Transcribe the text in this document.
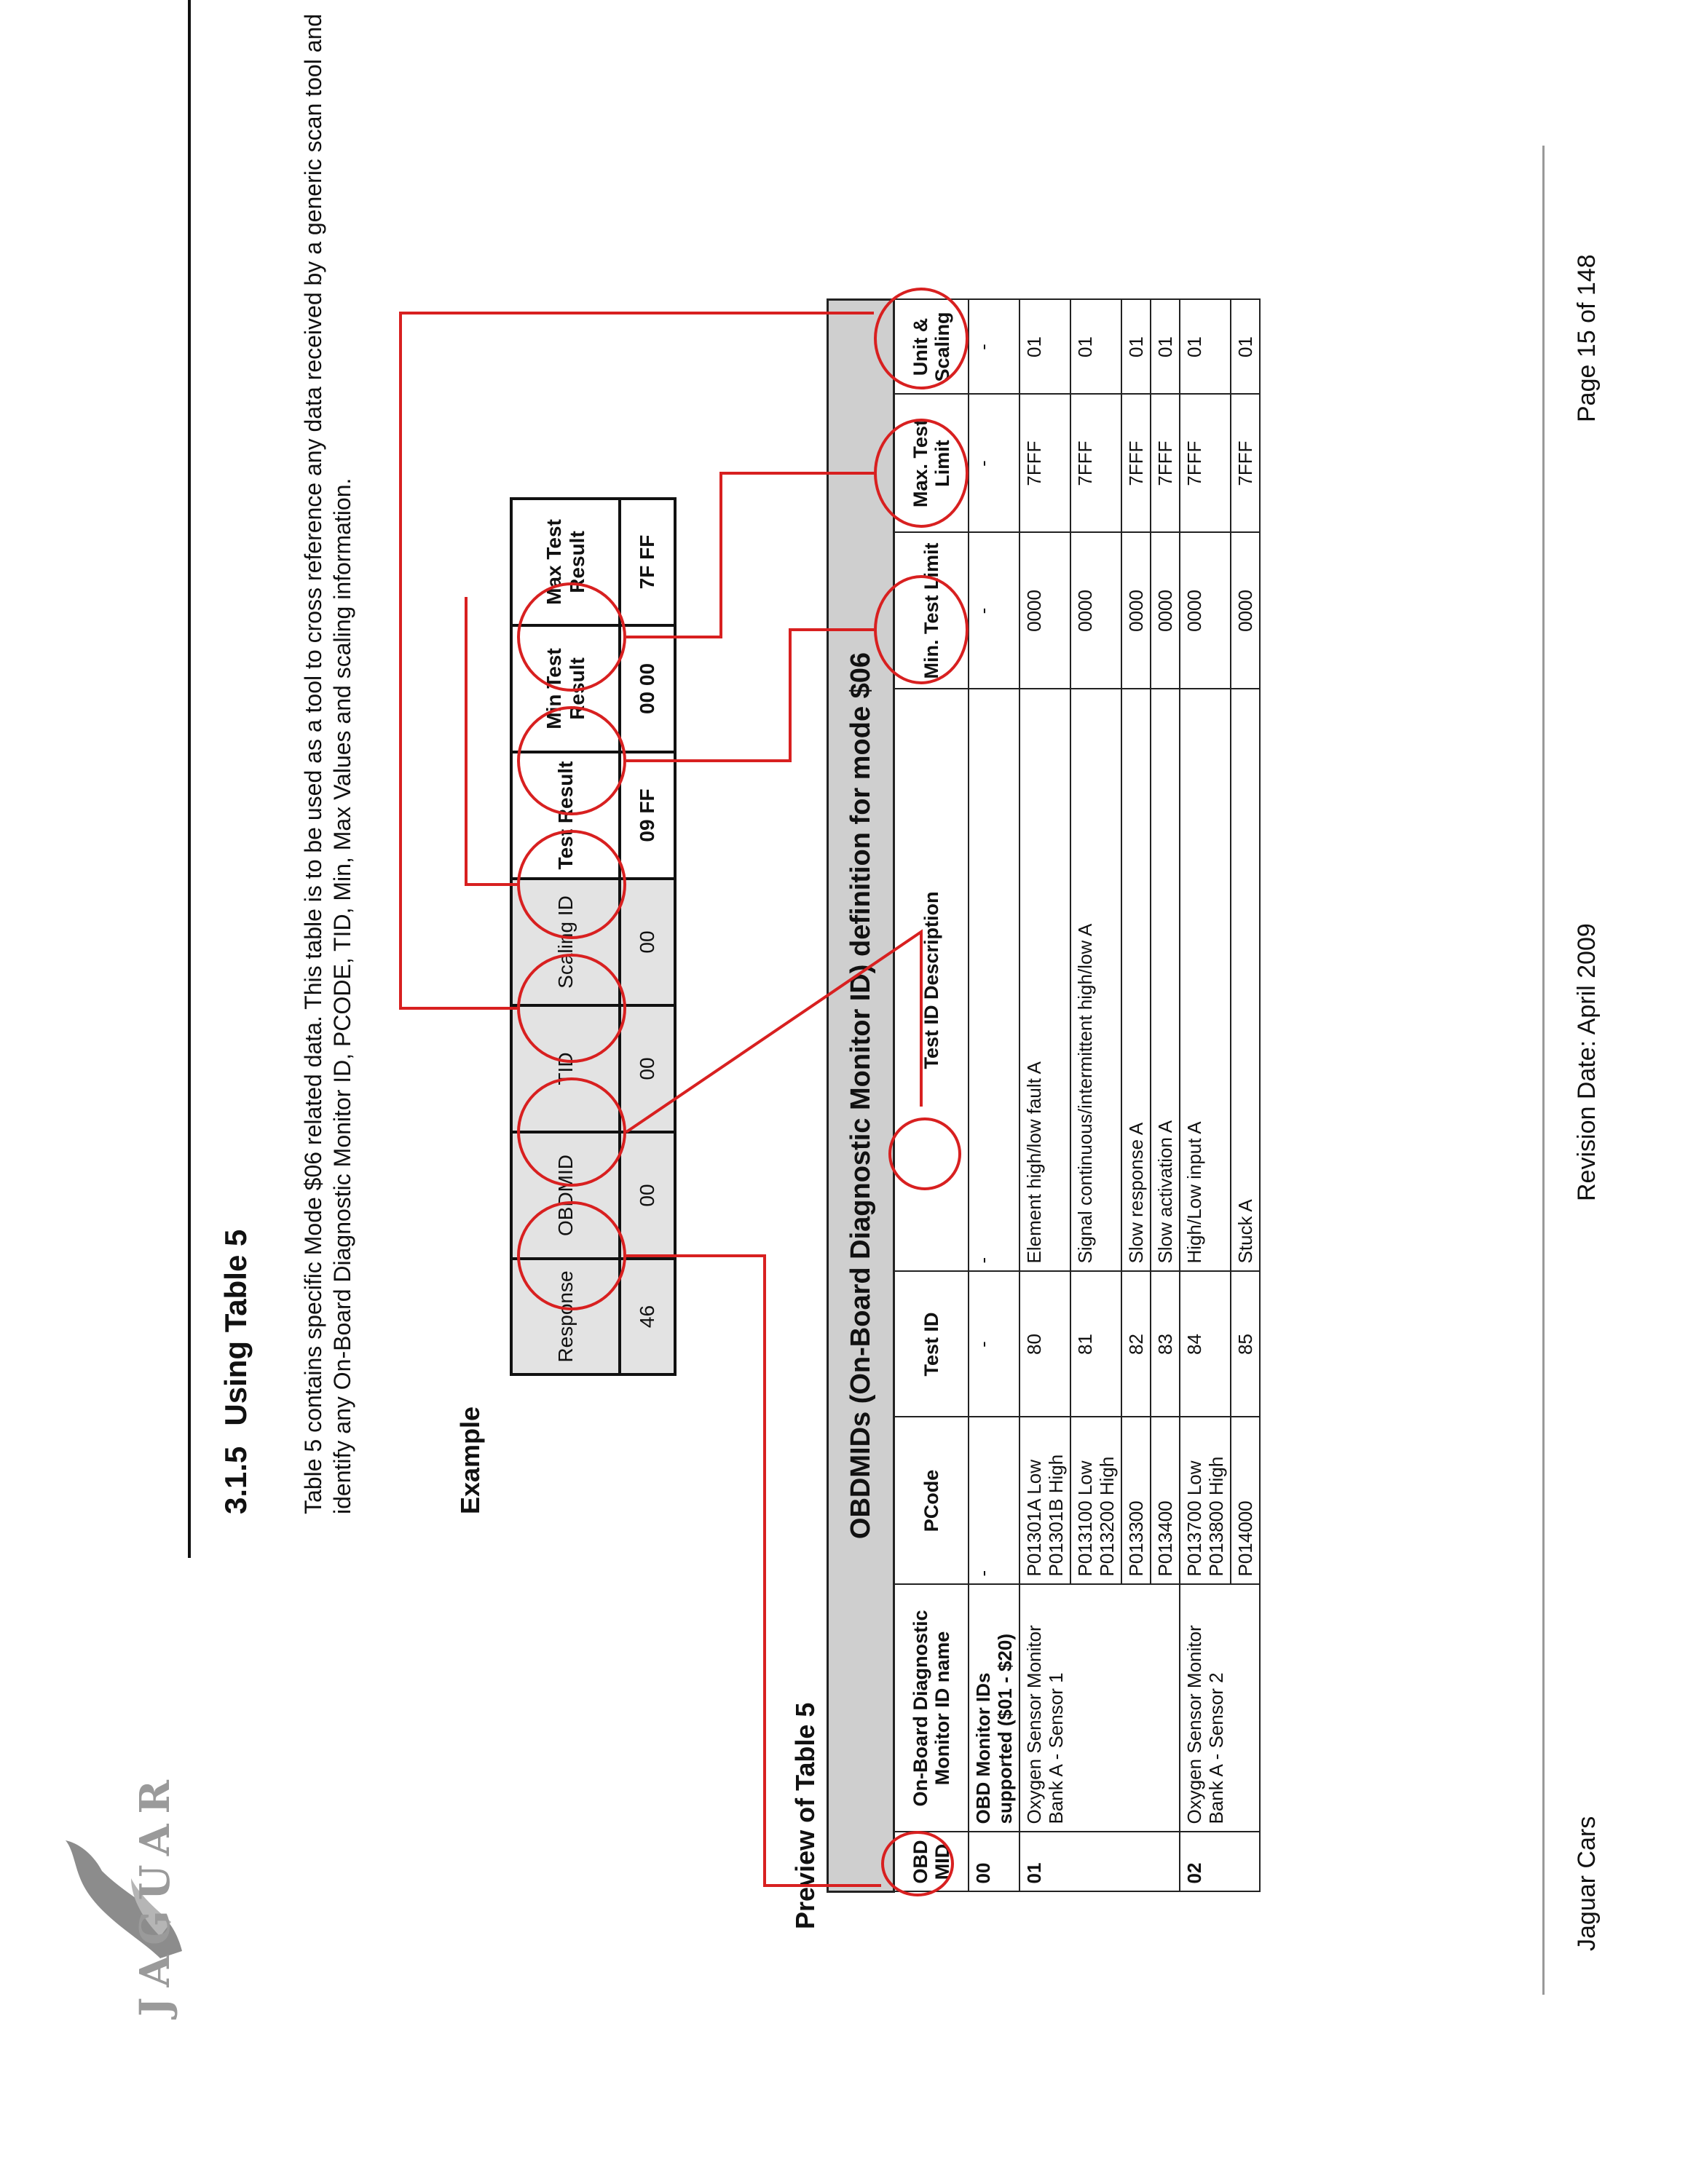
JAGUAR
3.1.5Using Table 5 Table 5 contains specific Mode $06 related data. This table is to be used as a tool to cross reference any data received by a generic scan tool and identify any On-Board Diagnostic Monitor ID, PCODE, TID, Min, Max Values and scaling information.	Example
Response	OBDMID	TID	Scaling ID	Test Result	Min Test Result	Max Test Result
46	00	00	00	09 FF	00 00	7F FF
Preview of Table 5
OBDMIDs (On-Board Diagnostic Monitor ID) definition for mode $06							
OBD MID	On-Board Diagnostic Monitor ID name	PCode	Test ID	Test ID Description	Min. Test Limit	Max. Test Limit	Unit & Scaling
00	OBD Monitor IDs supported ($01 - $20)	-	-	-	-	-	-
01	Oxygen Sensor Monitor Bank A - Sensor 1	P01301A Low P01301B High	80	Element high/low fault A	0000	7FFF	01
		P013100 Low P013200 High	81	Signal continuous/intermittent high/low A	0000	7FFF	01
		P013300	82	Slow response A	0000	7FFF	01
		P013400	83	Slow activation A	0000	7FFF	01
02	Oxygen Sensor Monitor Bank A - Sensor 2	P013700 Low P013800 High	84	High/Low input A	0000	7FFF	01
		P014000	85	Stuck A	0000	7FFF	01
Jaguar Cars
Revision Date: April 2009
Page 15 of 148
